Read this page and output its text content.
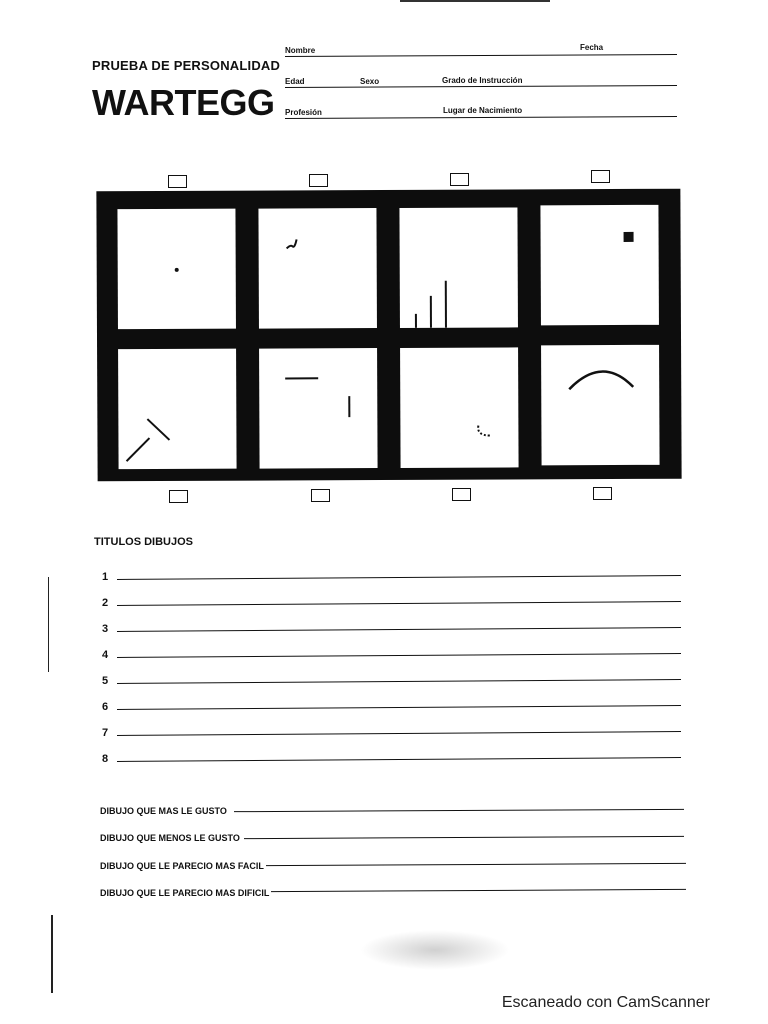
PRUEBA DE PERSONALIDAD
WARTEGG
Nombre	Fecha
Edad	Sexo	Grado de Instrucción
Profesión	Lugar de Nacimiento
TITULOS DIBUJOS
1
2
3
4
5
6
7
8
DIBUJO QUE MAS LE GUSTO
DIBUJO QUE MENOS LE GUSTO
DIBUJO QUE LE PARECIO MAS FACIL
DIBUJO QUE LE PARECIO MAS DIFICIL
Escaneado con CamScanner
